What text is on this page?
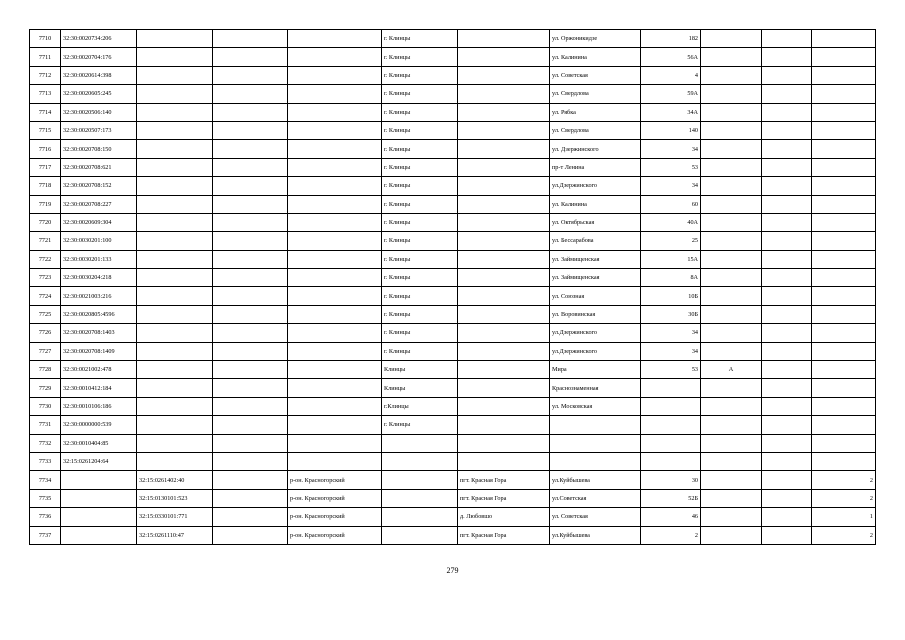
7710	32:30:0020734:206				г. Клинцы		ул. Оржоникидзе	182			
7711	32:30:0020704:176				г. Клинцы		ул. Калинина	56А			
7712	32:30:0020614:398				г. Клинцы		ул. Советская	4			
7713	32:30:0020605:245				г. Клинцы		ул. Свердлова	59А			
7714	32:30:0020506:140				г. Клинцы		ул. Рябка	34А			
7715	32:30:0020507:173				г. Клинцы		ул. Свердлова	140			
7716	32:30:0020708:150				г. Клинцы		ул. Дзержинского	34			
7717	32:30:0020708:621				г. Клинцы		пр-т Ленина	53			
7718	32:30:0020708:152				г. Клинцы		ул.Дзержинского	34			
7719	32:30:0020708:227				г. Клинцы		ул. Калинина	60			
7720	32:30:0020609:304				г. Клинцы		ул. Октябрьская	40А			
7721	32:30:0030201:100				г. Клинцы		ул. Бессарабова	25			
7722	32:30:0030201:133				г. Клинцы		ул. Займищенская	15А			
7723	32:30:0030204:218				г. Клинцы		ул. Займищенская	8А			
7724	32:30:0021003:216				г. Клинцы		ул. Союзная	10Б			
7725	32:30:0020805:4596				г. Клинцы		ул. Воровинская	30Б			
7726	32:30:0020708:1403				г. Клинцы		ул.Дзержинского	34			
7727	32:30:0020708:1409				г. Клинцы		ул.Дзержинского	34			
7728	32:30:0021002:478				Клинцы		Мира	53	А		
7729	32:30:0010412:184				Клинцы		Краснознаменная				
7730	32:30:0010106:186				г.Клинцы		ул. Московская				
7731	32:30:0000000:539				г. Клинцы						
7732	32:30:0010404:85										
7733	32:15:0261204:64										
7734		32:15:0261402:40		р-он. Красногорский		пгт. Красная Гора	ул.Куйбышева	30			2
7735		32:15:0130101:523		р-он. Красногорский		пгт. Красная Гора	ул.Советская	52Б			2
7736		32:15:0330101:771		р-он. Красногорский		д. Любовшо	ул. Советская	46			1
7737		32:15:0261110:47		р-он. Красногорский		пгт. Красная Гора	ул.Куйбышева	2			2
279
